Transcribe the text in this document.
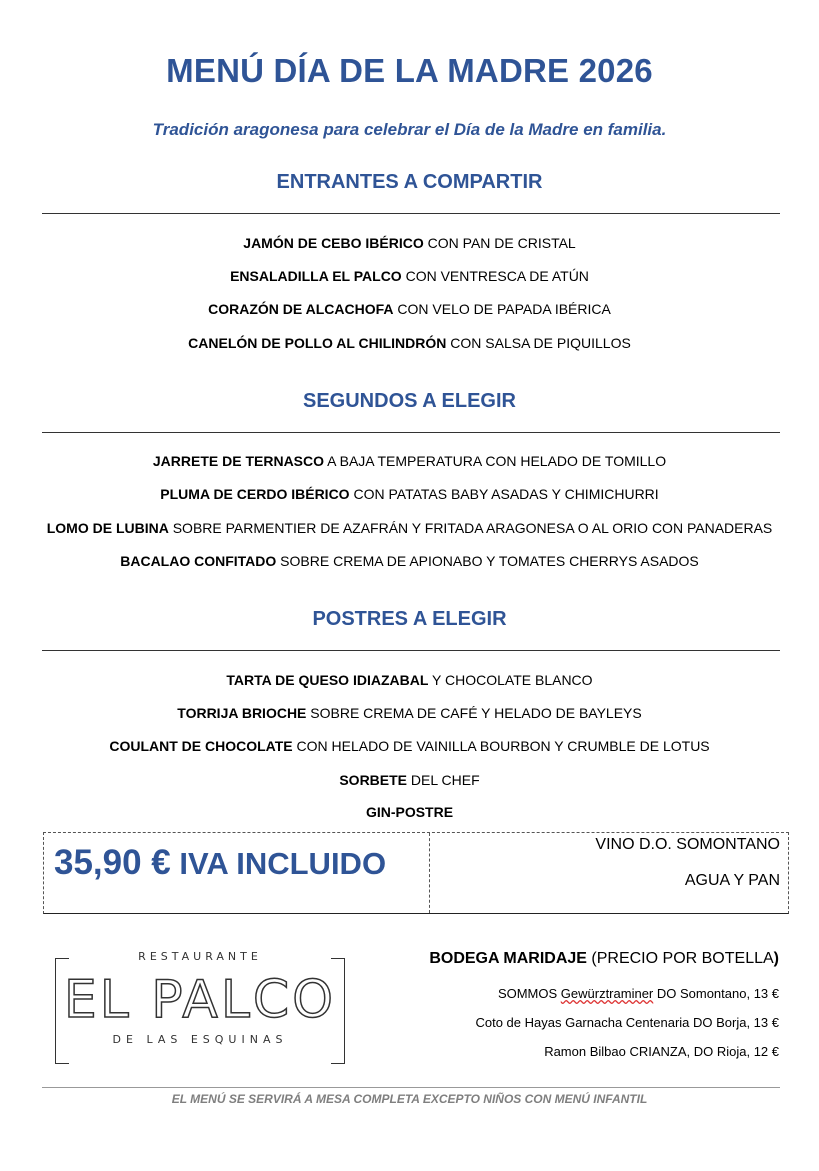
MENÚ DÍA DE LA MADRE 2026
Tradición aragonesa para celebrar el Día de la Madre en familia.
ENTRANTES A COMPARTIR
JAMÓN DE CEBO IBÉRICO CON PAN DE CRISTAL
ENSALADILLA EL PALCO CON VENTRESCA DE ATÚN
CORAZÓN DE ALCACHOFA CON VELO DE PAPADA IBÉRICA
CANELÓN DE POLLO AL CHILINDRÓN CON SALSA DE PIQUILLOS
SEGUNDOS A ELEGIR
JARRETE DE TERNASCO A BAJA TEMPERATURA CON HELADO DE TOMILLO
PLUMA DE CERDO IBÉRICO CON PATATAS BABY ASADAS Y CHIMICHURRI
LOMO DE LUBINA SOBRE PARMENTIER DE AZAFRÁN Y FRITADA ARAGONESA O AL ORIO CON PANADERAS
BACALAO CONFITADO SOBRE CREMA DE APIONABO Y TOMATES CHERRYS ASADOS
POSTRES A ELEGIR
TARTA DE QUESO IDIAZABAL Y CHOCOLATE BLANCO
TORRIJA BRIOCHE SOBRE CREMA DE CAFÉ Y HELADO DE BAYLEYS
COULANT DE CHOCOLATE CON HELADO DE VAINILLA BOURBON Y CRUMBLE DE LOTUS
SORBETE DEL CHEF
GIN-POSTRE
35,90 € IVA INCLUIDO
VINO D.O. SOMONTANO
AGUA Y PAN
RESTAURANTE
EL PALCO
DE LAS ESQUINAS
BODEGA MARIDAJE (PRECIO POR BOTELLA)
SOMMOS Gewürztraminer DO Somontano, 13 €
Coto de Hayas Garnacha Centenaria DO Borja, 13 €
Ramon Bilbao CRIANZA, DO Rioja, 12 €
EL MENÚ SE SERVIRÁ A MESA COMPLETA EXCEPTO NIÑOS CON MENÚ INFANTIL
